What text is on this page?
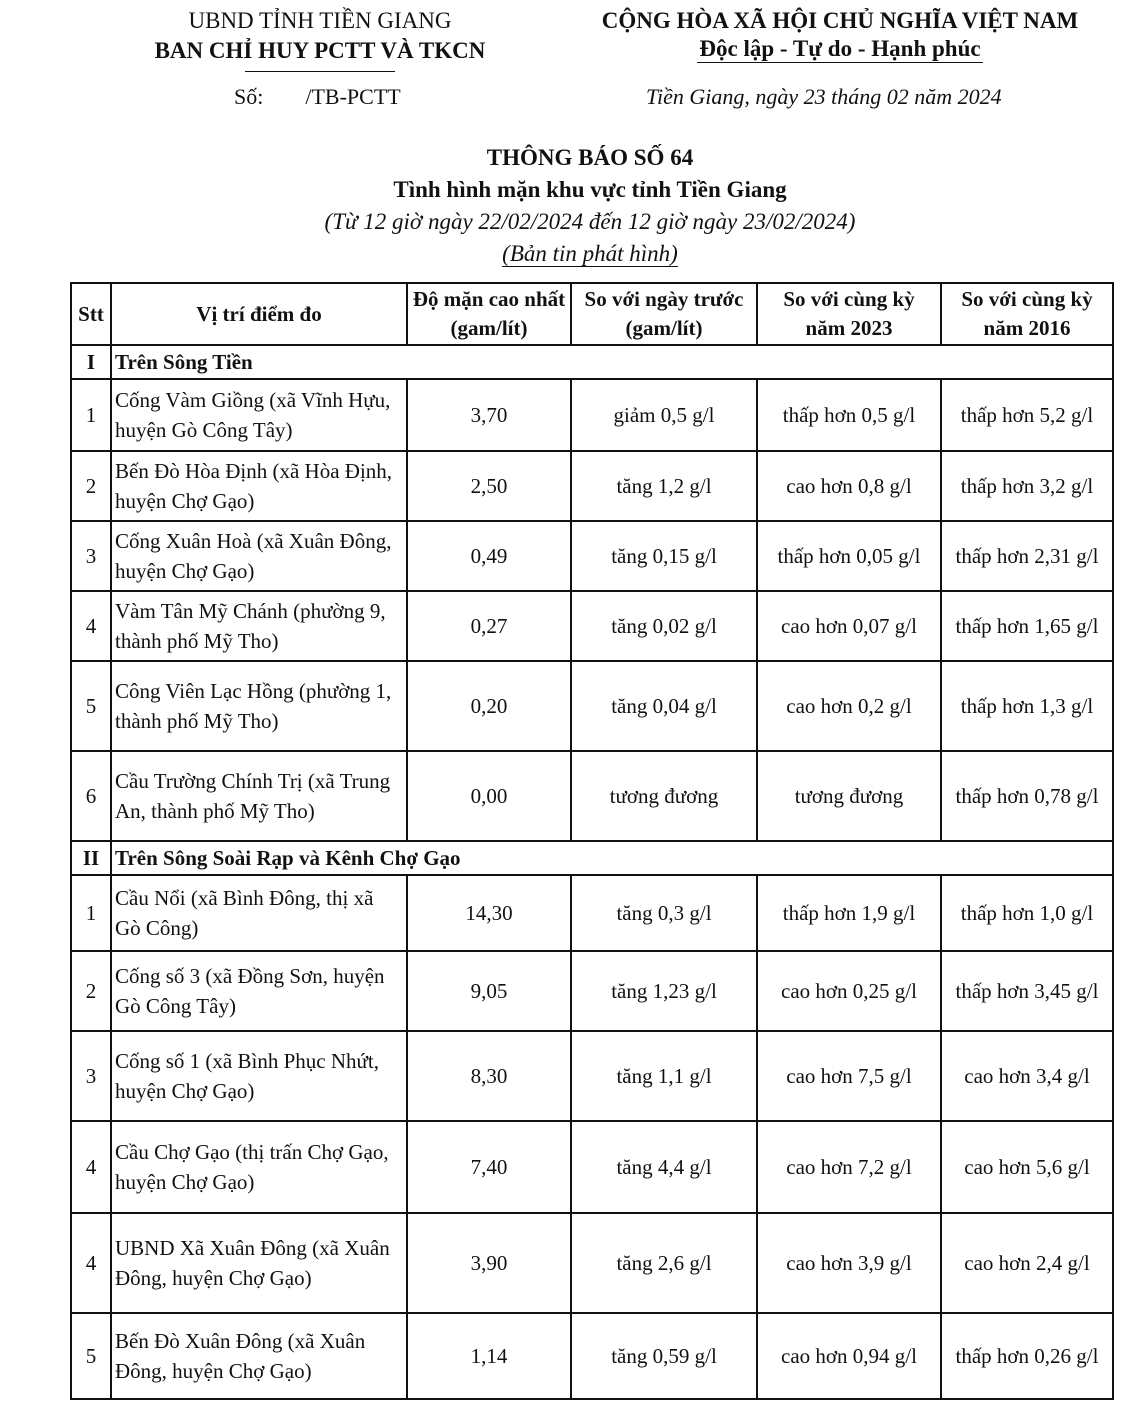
UBND TỈNH TIỀN GIANG
BAN CHỈ HUY PCTT VÀ TKCN
CỘNG HÒA XÃ HỘI CHỦ NGHĨA VIỆT NAM
Độc lập - Tự do - Hạnh phúc
Số: /TB-PCTT	Tiền Giang, ngày 23 tháng 02 năm 2024
THÔNG BÁO SỐ 64
Tình hình mặn khu vực tỉnh Tiền Giang
(Từ 12 giờ ngày 22/02/2024 đến 12 giờ ngày 23/02/2024)
(Bản tin phát hình)
Stt	Vị trí điểm đo	Độ mặn cao nhất (gam/lít)	So với ngày trước (gam/lít)	So với cùng kỳ năm 2023	So với cùng kỳ năm 2016
I	Trên Sông Tiền				
1	Cống Vàm Giồng (xã Vĩnh Hựu, huyện Gò Công Tây)	3,70	giảm 0,5 g/l	thấp hơn 0,5 g/l	thấp hơn 5,2 g/l
2	Bến Đò Hòa Định (xã Hòa Định, huyện Chợ Gạo)	2,50	tăng 1,2 g/l	cao hơn 0,8 g/l	thấp hơn 3,2 g/l
3	Cống Xuân Hoà (xã Xuân Đông, huyện Chợ Gạo)	0,49	tăng 0,15 g/l	thấp hơn 0,05 g/l	thấp hơn 2,31 g/l
4	Vàm Tân Mỹ Chánh (phường 9, thành phố Mỹ Tho)	0,27	tăng 0,02 g/l	cao hơn 0,07 g/l	thấp hơn 1,65 g/l
5	Công Viên Lạc Hồng (phường 1, thành phố Mỹ Tho)	0,20	tăng 0,04 g/l	cao hơn 0,2 g/l	thấp hơn 1,3 g/l
6	Cầu Trường Chính Trị (xã Trung An, thành phố Mỹ Tho)	0,00	tương đương	tương đương	thấp hơn 0,78 g/l
II	Trên Sông Soài Rạp và Kênh Chợ Gạo				
1	Cầu Nổi (xã Bình Đông, thị xã Gò Công)	14,30	tăng 0,3 g/l	thấp hơn 1,9 g/l	thấp hơn 1,0 g/l
2	Cống số 3 (xã Đồng Sơn, huyện Gò Công Tây)	9,05	tăng 1,23 g/l	cao hơn 0,25 g/l	thấp hơn 3,45 g/l
3	Cống số 1 (xã Bình Phục Nhứt, huyện Chợ Gạo)	8,30	tăng 1,1 g/l	cao hơn 7,5 g/l	cao hơn 3,4 g/l
4	Cầu Chợ Gạo (thị trấn Chợ Gạo, huyện Chợ Gạo)	7,40	tăng 4,4 g/l	cao hơn 7,2 g/l	cao hơn 5,6 g/l
4	UBND Xã Xuân Đông (xã Xuân Đông, huyện Chợ Gạo)	3,90	tăng 2,6 g/l	cao hơn 3,9 g/l	cao hơn 2,4 g/l
5	Bến Đò Xuân Đông (xã Xuân Đông, huyện Chợ Gạo)	1,14	tăng 0,59 g/l	cao hơn 0,94 g/l	thấp hơn 0,26 g/l
